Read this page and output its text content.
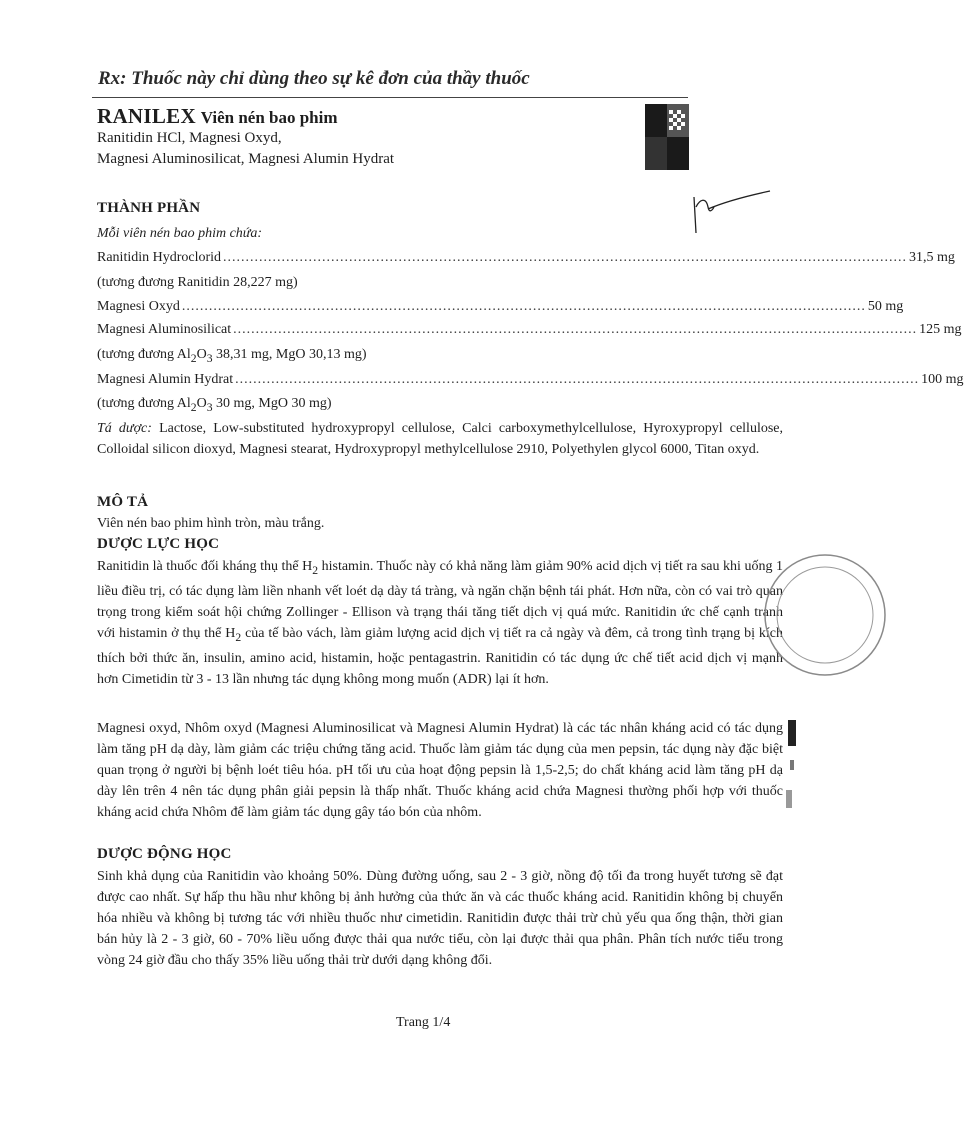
Rx: Thuốc này chỉ dùng theo sự kê đơn của thầy thuốc
RANILEX Viên nén bao phim
Ranitidin HCl, Magnesi Oxyd,
Magnesi Aluminosilicat, Magnesi Alumin Hydrat
THÀNH PHẦN
Mỗi viên nén bao phim chứa:
Ranitidin Hydroclorid ........................................................................................................................................................ 31,5 mg
(tương đương Ranitidin 28,227 mg)
Magnesi Oxyd ........................................................................................................................................................ 50 mg
Magnesi Aluminosilicat ........................................................................................................................................................ 125 mg
(tương đương $Al_2O_3$ 38,31 mg, MgO 30,13 mg)
Magnesi Alumin Hydrat ........................................................................................................................................................ 100 mg
(tương đương $Al_2O_3$ 30 mg, MgO 30 mg)
Tá dược: Lactose, Low-substituted hydroxypropyl cellulose, Calci carboxymethylcellulose, Hyroxypropyl cellulose, Colloidal silicon dioxyd, Magnesi stearat, Hydroxypropyl methylcellulose 2910, Polyethylen glycol 6000, Titan oxyd.
MÔ TẢ
Viên nén bao phim hình tròn, màu trắng.
DƯỢC LỰC HỌC
Ranitidin là thuốc đối kháng thụ thể $H_2$ histamin. Thuốc này có khả năng làm giảm 90% acid dịch vị tiết ra sau khi uống 1 liều điều trị, có tác dụng làm liền nhanh vết loét dạ dày tá tràng, và ngăn chặn bệnh tái phát. Hơn nữa, còn có vai trò quan trọng trong kiểm soát hội chứng Zollinger - Ellison và trạng thái tăng tiết dịch vị quá mức. Ranitidin ức chế cạnh tranh với histamin ở thụ thể $H_2$ của tế bào vách, làm giảm lượng acid dịch vị tiết ra cả ngày và đêm, cả trong tình trạng bị kích thích bởi thức ăn, insulin, amino acid, histamin, hoặc pentagastrin. Ranitidin có tác dụng ức chế tiết acid dịch vị mạnh hơn Cimetidin từ 3 - 13 lần nhưng tác dụng không mong muốn (ADR) lại ít hơn.
Magnesi oxyd, Nhôm oxyd (Magnesi Aluminosilicat và Magnesi Alumin Hydrat) là các tác nhân kháng acid có tác dụng làm tăng pH dạ dày, làm giảm các triệu chứng tăng acid. Thuốc làm giảm tác dụng của men pepsin, tác dụng này đặc biệt quan trọng ở người bị bệnh loét tiêu hóa. pH tối ưu của hoạt động pepsin là 1,5-2,5; do chất kháng acid làm tăng pH dạ dày lên trên 4 nên tác dụng phân giải pepsin là thấp nhất. Thuốc kháng acid chứa Magnesi thường phối hợp với thuốc kháng acid chứa Nhôm để làm giảm tác dụng gây táo bón của nhôm.
DƯỢC ĐỘNG HỌC
Sinh khả dụng của Ranitidin vào khoảng 50%. Dùng đường uống, sau 2 - 3 giờ, nồng độ tối đa trong huyết tương sẽ đạt được cao nhất. Sự hấp thu hầu như không bị ảnh hưởng của thức ăn và các thuốc kháng acid. Ranitidin không bị chuyển hóa nhiều và không bị tương tác với nhiều thuốc như cimetidin. Ranitidin được thải trừ chủ yếu qua ống thận, thời gian bán hủy là 2 - 3 giờ, 60 - 70% liều uống được thải qua nước tiểu, còn lại được thải qua phân. Phân tích nước tiểu trong vòng 24 giờ đầu cho thấy 35% liều uống thải trừ dưới dạng không đổi.
Trang 1/4
